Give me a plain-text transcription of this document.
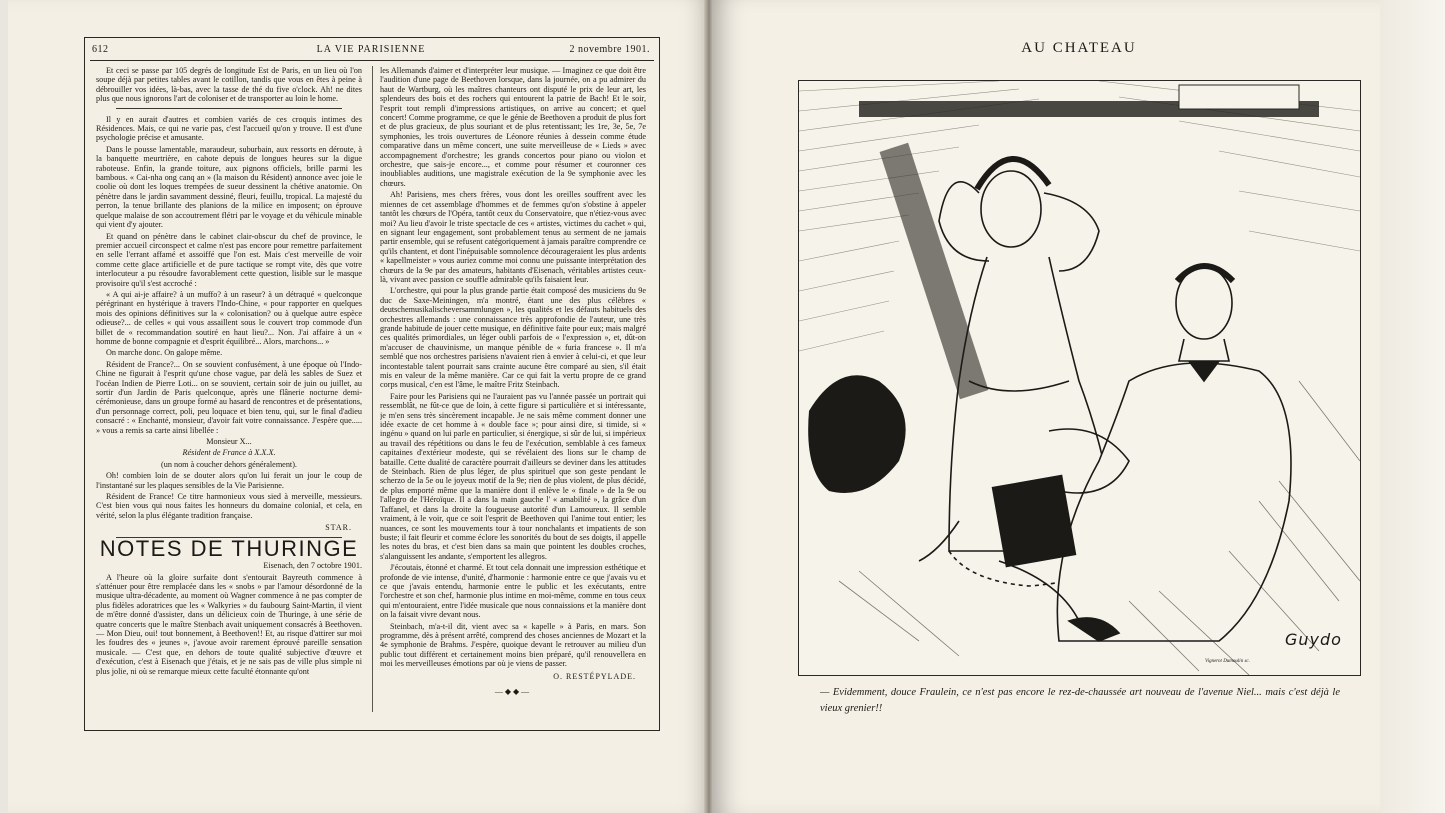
612	LA VIE PARISIENNE	2 novembre 1901.

Et ceci se passe par 105 degrés de longitude Est de Paris, en un lieu où l'on soupe déjà par petites tables avant le cotillon, tandis que vous en êtes à peine à débrouiller vos idées, là-bas, avec la tasse de thé du five o'clock. Ah! ne dites plus que nous ignorons l'art de coloniser et de transporter au loin le home.

Il y en aurait d'autres et combien variés de ces croquis intimes des Résidences. Mais, ce qui ne varie pas, c'est l'accueil qu'on y trouve. Il est d'une psychologie précise et amusante.

Dans le pousse lamentable, maraudeur, suburbain, aux ressorts en déroute, à la banquette meurtrière, en cahote depuis de longues heures sur la digue raboteuse. Enfin, la grande toiture, aux pignons officiels, brille parmi les bambous. « Cai-nha ong canq an » (la maison du Résident) annonce avec joie le coolie où dont les loques trempées de sueur dessinent la chétive anatomie. On pénètre dans le jardin savamment dessiné, fleuri, feuillu, tropical. La majesté du perron, la tenue brillante des planions de la milice en imposent; on éprouve quelque malaise de son accoutrement flétri par le voyage et du véhicule minable qui vient d'y ajouter.

Et quand on pénètre dans le cabinet clair-obscur du chef de province, le premier accueil circonspect et calme n'est pas encore pour remettre parfaitement en selle l'errant affamé et assoiffé que l'on est. Mais c'est merveille de voir comme cette glace artificielle et de pure tactique se rompt vite, dès que votre interlocuteur a pu résoudre favorablement cette question, lisible sur le masque provisoire qu'il s'est accroché :

« A qui ai-je affaire? à un muffo? à un raseur? à un détraqué « quelconque pérégrinant en hystérique à travers l'Indo-Chine, « pour rapporter en quelques mois des opinions définitives sur la « colonisation? ou à quelque autre espèce odieuse?... de celles « qui vous assaillent sous le couvert trop commode d'un billet de « recommandation soutiré en haut lieu?... Non. J'ai affaire à un « homme de bonne compagnie et d'esprit équilibré... Alors, marchons... »

On marche donc. On galope même.

Résident de France?... On se souvient confusément, à une époque où l'Indo-Chine ne figurait à l'esprit qu'une chose vague, par delà les sables de Suez et l'océan Indien de Pierre Loti... on se souvient, certain soir de juin ou juillet, au sortir d'un Jardin de Paris quelconque, après une flânerie nocturne demi-cérémonieuse, dans un groupe formé au hasard de rencontres et de présentations, d'un personnage correct, poli, peu loquace et bien tenu, qui, sur le final d'adieu consacré : « Enchanté, monsieur, d'avoir fait votre connaissance. J'espère que..... » vous a remis sa carte ainsi libellée :

Monsieur X...

Résident de France à X.X.X.

(un nom à coucher dehors généralement).

Oh! combien loin de se douter alors qu'on lui ferait un jour le coup de l'instantané sur les plaques sensibles de la Vie Parisienne.

Résident de France! Ce titre harmonieux vous sied à merveille, messieurs. C'est bien vous qui nous faites les honneurs du domaine colonial, et cela, en vérité, selon la plus élégante tradition française.

STAR.
NOTES DE THURINGE

Eisenach, den 7 octobre 1901.

A l'heure où la gloire surfaite dont s'entourait Bayreuth commence à s'atténuer pour être remplacée dans les « snobs » par l'amour désordonné de la musique ultra-décadente, au moment où Wagner commence à ne pas compter de plus fidèles adoratrices que les « Walkyries » du faubourg Saint-Martin, il vient de m'être donné d'assister, dans un délicieux coin de Thuringe, à une série de quatre concerts que le maître Stenbach avait uniquement consacrés à Beethoven. — Mon Dieu, oui! tout bonnement, à Beethoven!! Et, au risque d'attirer sur moi les foudres des « jeunes », j'avoue avoir rarement éprouvé pareille sensation musicale. — C'est que, en dehors de toute qualité subjective d'œuvre et d'exécution, c'est à Eisenach que j'étais, et je ne sais pas de ville plus simple ni plus jolie, ni où se remarque mieux cette faculté étonnante qu'ont

les Allemands d'aimer et d'interpréter leur musique. — Imaginez ce que doit être l'audition d'une page de Beethoven lorsque, dans la journée, on a pu admirer du haut de Wartburg, où les maîtres chanteurs ont disputé le prix de leur art, les splendeurs des bois et des rochers qui entourent la patrie de Bach! Et le soir, l'esprit tout rempli d'impressions artistiques, on arrive au concert; et quel concert! Comme programme, ce que le génie de Beethoven a produit de plus fort et de plus gracieux, de plus souriant et de plus retentissant; les 1re, 3e, 5e, 7e symphonies, les trois ouvertures de Léonore réunies à dessein comme étude comparative dans un même concert, une suite merveilleuse de « Lieds » avec accompagnement d'orchestre; les grands concertos pour piano ou violon et orchestre, que sais-je encore..., et comme pour résumer et couronner ces inoubliables auditions, une magistrale exécution de la 9e symphonie avec les chœurs.

Ah! Parisiens, mes chers frères, vous dont les oreilles souffrent avec les miennes de cet assemblage d'hommes et de femmes qu'on s'obstine à appeler tantôt les chœurs de l'Opéra, tantôt ceux du Conservatoire, que n'étiez-vous avec moi? Au lieu d'avoir le triste spectacle de ces « artistes, victimes du cachet » qui, en signant leur engagement, sont probablement tenus au serment de ne jamais partir ensemble, qui se refusent catégoriquement à jamais paraître comprendre ce qu'ils chantent, et dont l'inépuisable somnolence décourageraient les plus ardents « kapellmeister » vous auriez comme moi connu une puissante interprétation des chœurs de la 9e par des amateurs, habitants d'Eisenach, véritables artistes ceux-là, vivant avec passion ce souffle admirable qu'ils faisaient leur.

L'orchestre, qui pour la plus grande partie était composé des musiciens du 9e duc de Saxe-Meiningen, m'a montré, étant une des plus célèbres « deutschemusikalischeversammlungen », les qualités et les défauts habituels des orchestres allemands : une connaissance très approfondie de l'auteur, une très grande habitude de jouer cette musique, en définitive faite pour eux; mais malgré ces qualités primordiales, un léger oubli parfois de « l'expression », et, dût-on m'accuser de chauvinisme, un manque pénible de « furia francese ». Il m'a semblé que nos orchestres parisiens n'avaient rien à envier à celui-ci, et que leur incontestable talent pourrait sans crainte aucune être comparé au sien, s'il était mis en valeur de la même manière. Car ce qui fait la vertu propre de ce grand corps musical, c'en est l'âme, le maître Fritz Steinbach.

Faire pour les Parisiens qui ne l'auraient pas vu l'année passée un portrait qui ressemblât, ne fût-ce que de loin, à cette figure si particulière et si intéressante, je m'en sens très sincèrement incapable. Je ne sais même comment donner une idée exacte de cet homme à « double face »; pour ainsi dire, si timide, si « ingénu » quand on lui parle en particulier, si énergique, si sûr de lui, si impérieux au travail des répétitions ou dans le feu de l'exécution, semblable à ces fameux capitaines d'extérieur modeste, qui se révélaient des lions sur le champ de bataille. Cette dualité de caractère pourrait d'ailleurs se deviner dans les attitudes de Steinbach. Rien de plus léger, de plus spirituel que son geste pendant le scherzo de la 5e ou le joyeux motif de la 9e; rien de plus violent, de plus décidé, de plus emporté même que la manière dont il enlève le « finale » de la 9e ou l'allegro de l'Héroïque. Il a dans la main gauche l' « amabilité », la grâce d'un Taffanel, et dans la droite la fougueuse autorité d'un Lamoureux. Il semble vraiment, à le voir, que ce soit l'esprit de Beethoven qui l'anime tout entier; les nuances, ce sont les mouvements tour à tour nonchalants et impatients de son buste; il fait fleurir et comme éclore les sonorités du bout de ses doigts, il appelle les notes du bras, et c'est bien dans sa main que pointent les doubles croches, s'alanguissent les andante, s'emportent les allegros.

J'écoutais, étonné et charmé. Et tout cela donnait une impression esthétique et profonde de vie intense, d'unité, d'harmonie : harmonie entre ce que j'avais vu et ce que j'avais entendu, harmonie entre le public et les exécutants, entre l'orchestre et son chef, harmonie plus intime en moi-même, comme en tous ceux qui m'entouraient, entre l'idée musicale que nous connaissions et la manière dont on la faisait vivre devant nous.

Steinbach, m'a-t-il dit, vient avec sa « kapelle » à Paris, en mars. Son programme, dès à présent arrêté, comprend des choses anciennes de Mozart et la 4e symphonie de Brahms. J'espère, quoique devant le retrouver au milieu d'un public tout différent et certainement moins bien préparé, qu'il renouvellera en moi les merveilleuses émotions par où je viens de passer.

O. RESTÉPYLADE.
—◆◆—
AU CHATEAU
Guydo
Vignerot Dumoulin sc.
— Evidemment, douce Fraulein, ce n'est pas encore le rez-de-chaussée art nouveau de l'avenue Niel... mais c'est déjà le vieux grenier!!
